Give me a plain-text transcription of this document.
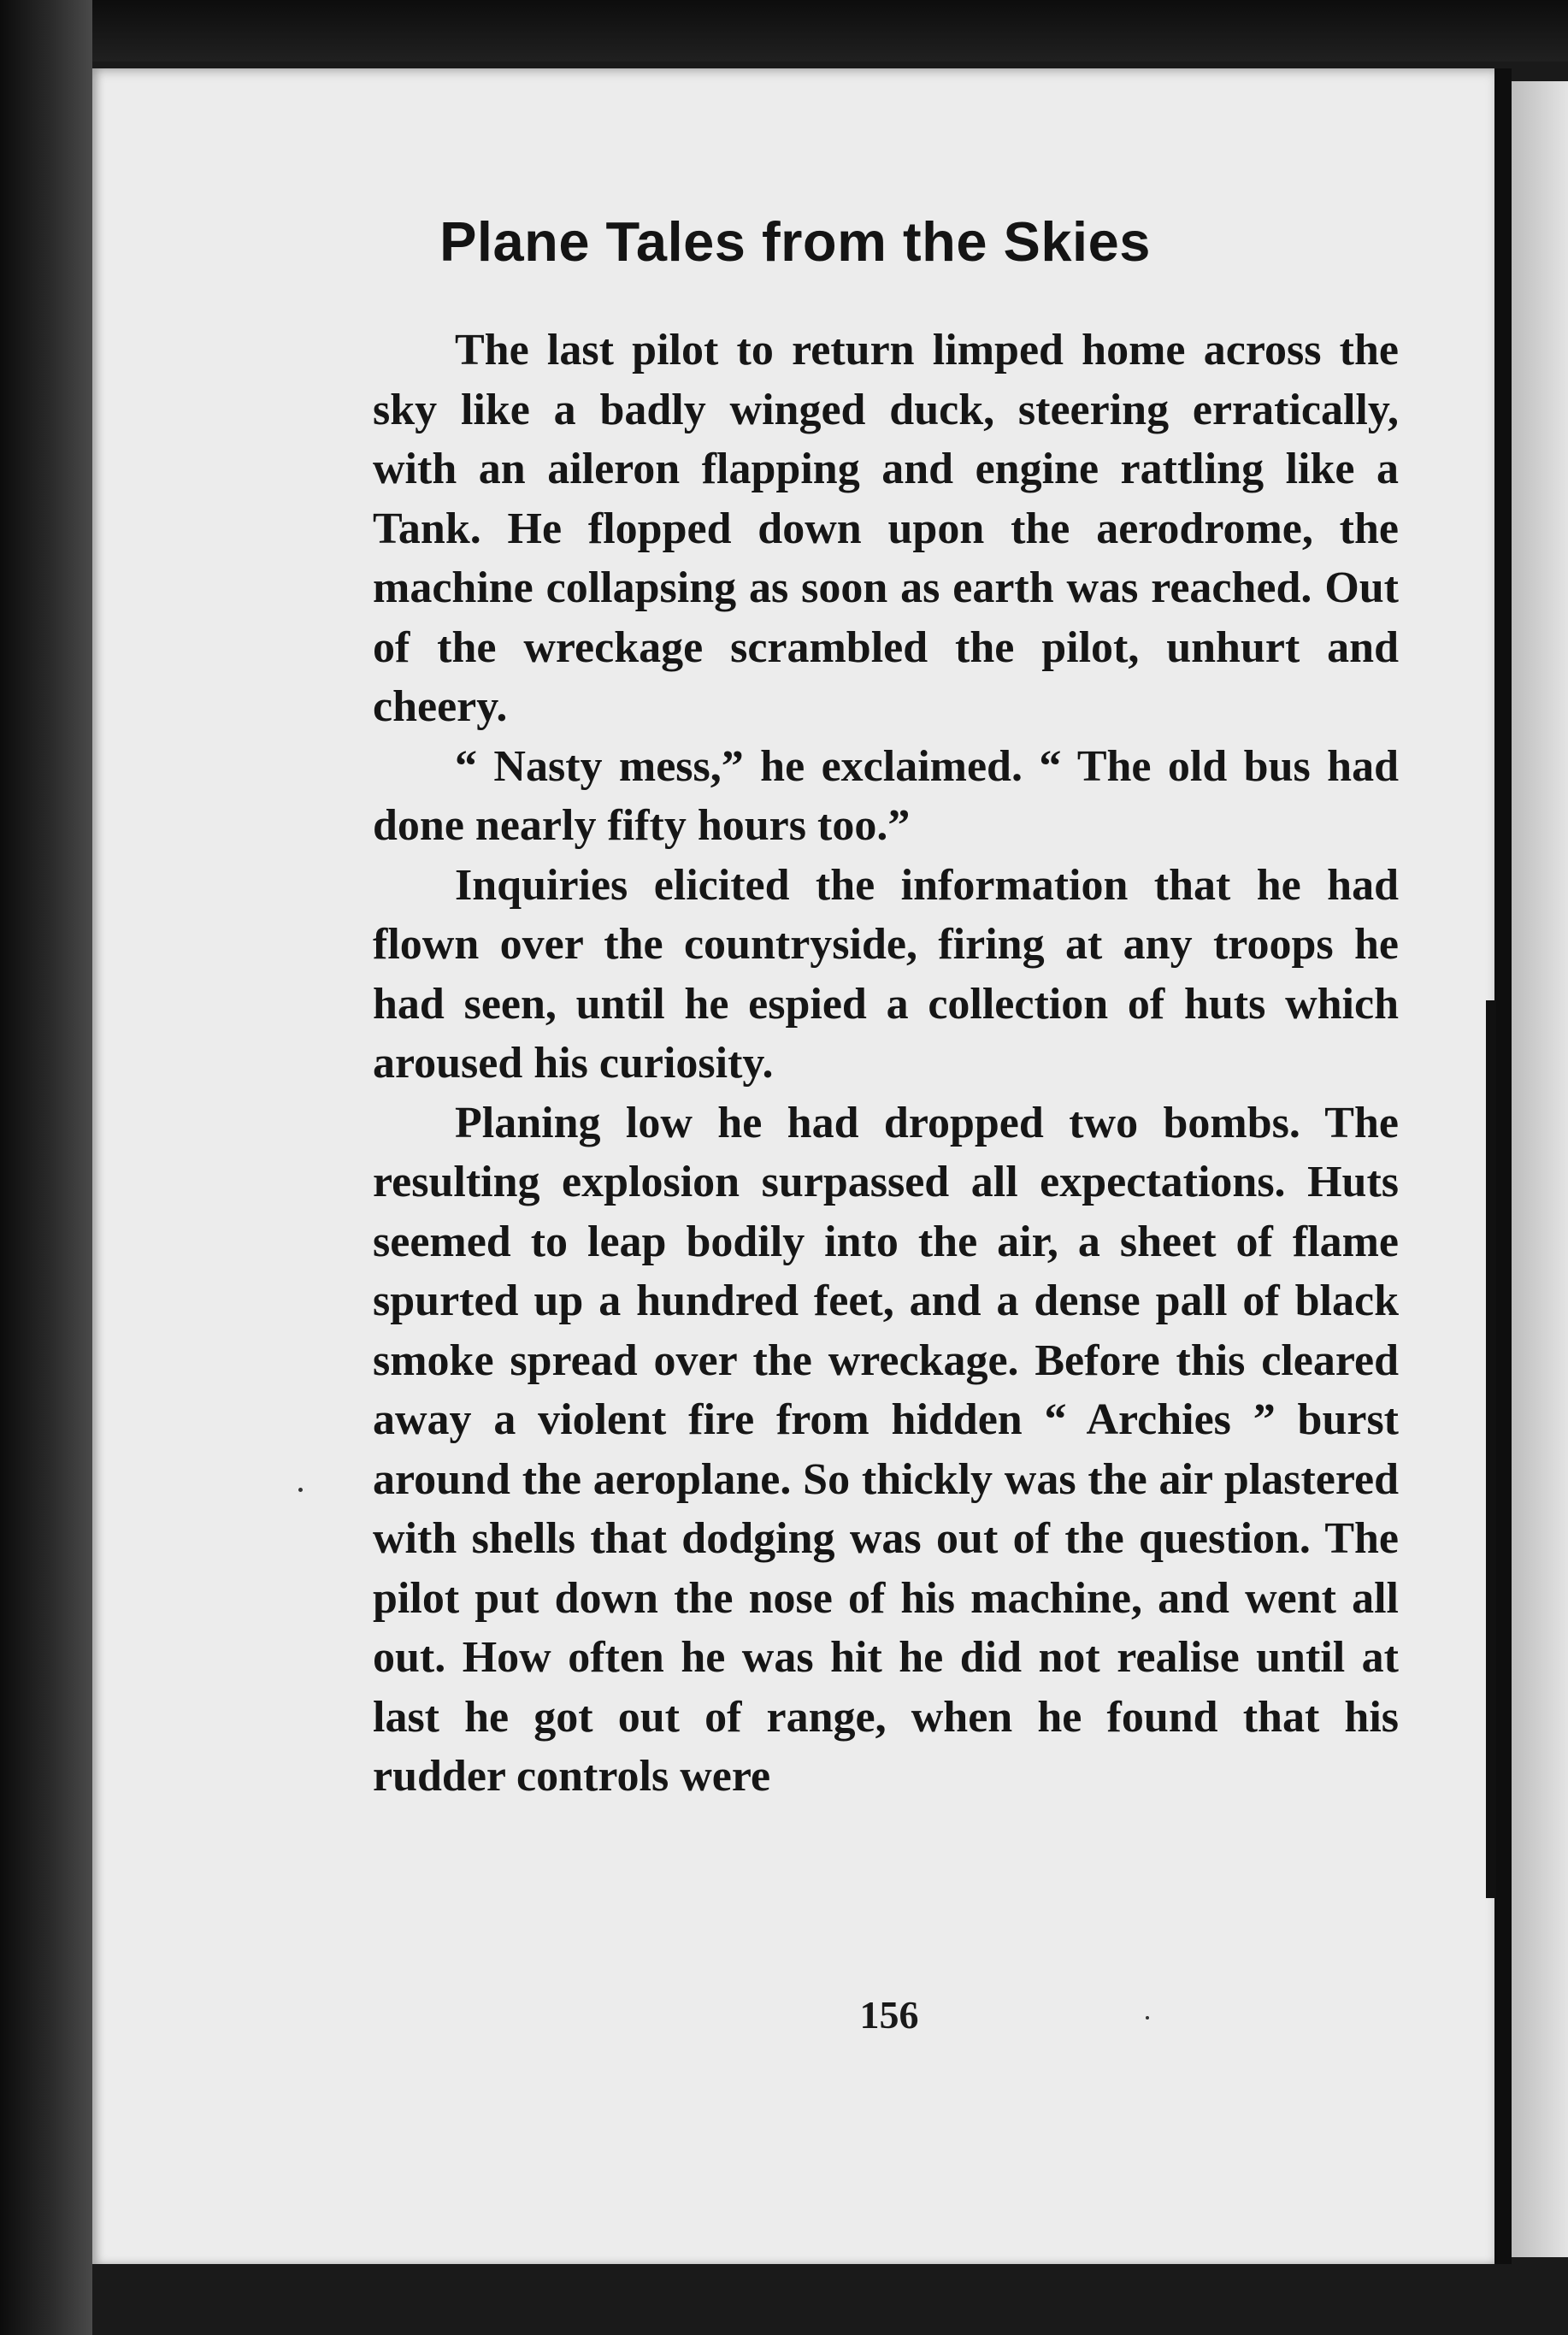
Plane Tales from the Skies

The last pilot to return limped home across the sky like a badly winged duck, steering erratically, with an aileron flapping and engine rattling like a Tank. He flopped down upon the aerodrome, the machine collapsing as soon as earth was reached. Out of the wreckage scrambled the pilot, unhurt and cheery.

“ Nasty mess,” he exclaimed. “ The old bus had done nearly fifty hours too.”

Inquiries elicited the information that he had flown over the countryside, firing at any troops he had seen, until he espied a collection of huts which aroused his curiosity.

Planing low he had dropped two bombs. The resulting explosion surpassed all expectations. Huts seemed to leap bodily into the air, a sheet of flame spurted up a hundred feet, and a dense pall of black smoke spread over the wreckage. Before this cleared away a violent fire from hidden “ Archies ” burst around the aeroplane. So thickly was the air plastered with shells that dodging was out of the question. The pilot put down the nose of his machine, and went all out. How often he was hit he did not realise until at last he got out of range, when he found that his rudder controls were

156
